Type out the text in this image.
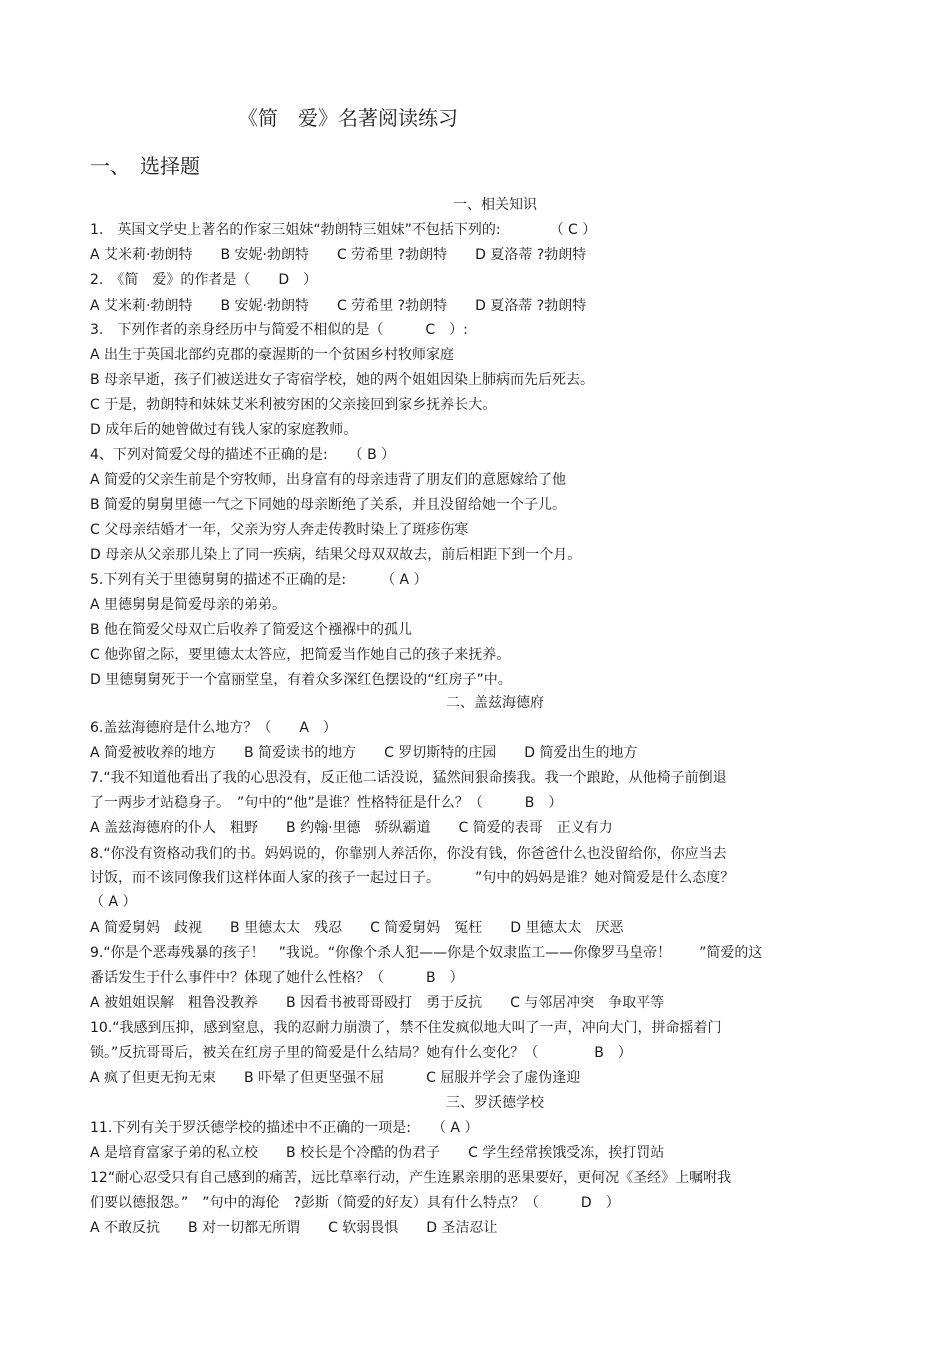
《简　爱》名著阅读练习
一、　选择题
一、相关知识
1.　英国文学史上著名的作家三姐妹“勃朗特三姐妹”不包括下列的:　　　　（ C ）
A 艾米莉·勃朗特　　B 安妮·勃朗特　　C 劳希里 ?勃朗特　　D 夏洛蒂 ?勃朗特
2.　《简　爱》的作者是（　　D　）
A 艾米莉·勃朗特　　B 安妮·勃朗特　　C 劳希里 ?勃朗特　　D 夏洛蒂 ?勃朗特
3.　下列作者的亲身经历中与简爱不相似的是（　　　C　）:
A 出生于英国北部约克郡的豪渥斯的一个贫困乡村牧师家庭
B 母亲早逝，孩子们被送进女子寄宿学校，她的两个姐姐因染上肺病而先后死去。
C 于是，勃朗特和妹妹艾米利被穷困的父亲接回到家乡抚养长大。
D 成年后的她曾做过有钱人家的家庭教师。
4、下列对简爱父母的描述不正确的是:　　（ B ）
A 简爱的父亲生前是个穷牧师，出身富有的母亲违背了朋友们的意愿嫁给了他
B 简爱的舅舅里德一气之下同她的母亲断绝了关系，并且没留给她一个子儿。
C 父母亲结婚才一年，父亲为穷人奔走传教时染上了斑疹伤寒
D 母亲从父亲那儿染上了同一疾病，结果父母双双故去，前后相距下到一个月。
5.下列有关于里德舅舅的描述不正确的是:　　　（ A ）
A 里德舅舅是简爱母亲的弟弟。
B 他在简爱父母双亡后收养了简爱这个襁褓中的孤儿
C 他弥留之际，要里德太太答应，把简爱当作她自己的孩子来抚养。
D 里德舅舅死于一个富丽堂皇，有着众多深红色摆设的“红房子”中。
二、盖兹海德府
6.盖兹海德府是什么地方？（　　A　）
A 简爱被收养的地方　　B 简爱读书的地方　　C 罗切斯特的庄园　　D 简爱出生的地方
7.“我不知道他看出了我的心思没有，反正他二话没说，猛然间狠命揍我。我一个踉跄，从他椅子前倒退
了一两步才站稳身子。　”句中的“他”是谁？性格特征是什么？（　　　B　）
A 盖兹海德府的仆人　粗野　　B 约翰·里德　骄纵霸道　　C 简爱的表哥　正义有力
8.“你没有资格动我们的书。妈妈说的，你靠别人养活你，你没有钱，你爸爸什么也没留给你，你应当去
讨饭，而不该同像我们这样体面人家的孩子一起过日子。　　　”句中的妈妈是谁？她对简爱是什么态度？
（ A ）
A 简爱舅妈　歧视　　B 里德太太　残忍　　C 简爱舅妈　冤枉　　D 里德太太　厌恶
9.“你是个恶毒残暴的孩子！　”我说。“你像个杀人犯——你是个奴隶监工——你像罗马皇帝！　　”简爱的这
番话发生于什么事件中？体现了她什么性格？（　　　B　）
A 被姐姐误解　粗鲁没教养　　B 因看书被哥哥殴打　勇于反抗　　C 与邻居冲突　争取平等
10.“我感到压抑，感到窒息，我的忍耐力崩溃了，禁不住发疯似地大叫了一声，冲向大门，拼命摇着门
锁。”反抗哥哥后，被关在红房子里的简爱是什么结局？她有什么变化？（　　　　B　）
A 疯了但更无拘无束　　B 吓晕了但更坚强不屈　　　C 屈服并学会了虚伪逢迎
三、罗沃德学校
11.下列有关于罗沃德学校的描述中不正确的一项是:　　（ A ）
A 是培育富家子弟的私立校　　B 校长是个冷酷的伪君子　　C 学生经常挨饿受冻，挨打罚站
12“耐心忍受只有自己感到的痛苦，远比草率行动，产生连累亲朋的恶果要好，更何况《圣经》上嘱咐我
们要以德报怨。”　”句中的海伦　?彭斯（简爱的好友）具有什么特点？（　　　D　）
A 不敢反抗　　B 对一切都无所谓　　C 软弱畏惧　　D 圣洁忍让
